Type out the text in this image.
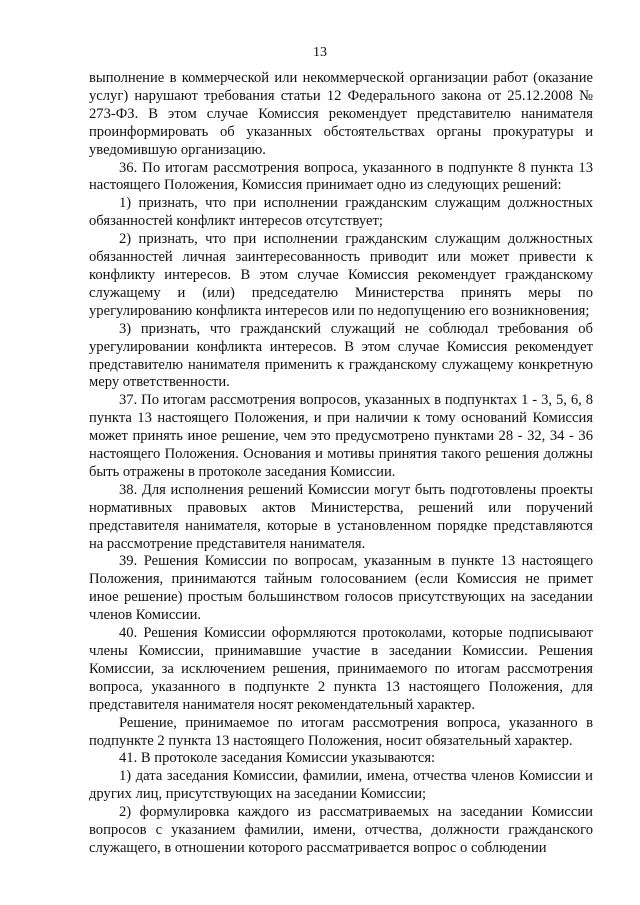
13

выполнение в коммерческой или некоммерческой организации работ (оказание услуг) нарушают требования статьи 12 Федерального закона от 25.12.2008 № 273-ФЗ. В этом случае Комиссия рекомендует представителю нанимателя проинформировать об указанных обстоятельствах органы прокуратуры и уведомившую организацию.

36. По итогам рассмотрения вопроса, указанного в подпункте 8 пункта 13 настоящего Положения, Комиссия принимает одно из следующих решений:

1) признать, что при исполнении гражданским служащим должностных обязанностей конфликт интересов отсутствует;

2) признать, что при исполнении гражданским служащим должностных обязанностей личная заинтересованность приводит или может привести к конфликту интересов. В этом случае Комиссия рекомендует гражданскому служащему и (или) председателю Министерства принять меры по урегулированию конфликта интересов или по недопущению его возникновения;

3) признать, что гражданский служащий не соблюдал требования об урегулировании конфликта интересов. В этом случае Комиссия рекомендует представителю нанимателя применить к гражданскому служащему конкретную меру ответственности.

37. По итогам рассмотрения вопросов, указанных в подпунктах 1 - 3, 5, 6, 8 пункта 13 настоящего Положения, и при наличии к тому оснований Комиссия может принять иное решение, чем это предусмотрено пунктами 28 - 32, 34 - 36 настоящего Положения. Основания и мотивы принятия такого решения должны быть отражены в протоколе заседания Комиссии.

38. Для исполнения решений Комиссии могут быть подготовлены проекты нормативных правовых актов Министерства, решений или поручений представителя нанимателя, которые в установленном порядке представляются на рассмотрение представителя нанимателя.

39. Решения Комиссии по вопросам, указанным в пункте 13 настоящего Положения, принимаются тайным голосованием (если Комиссия не примет иное решение) простым большинством голосов присутствующих на заседании членов Комиссии.

40. Решения Комиссии оформляются протоколами, которые подписывают члены Комиссии, принимавшие участие в заседании Комиссии. Решения Комиссии, за исключением решения, принимаемого по итогам рассмотрения вопроса, указанного в подпункте 2 пункта 13 настоящего Положения, для представителя нанимателя носят рекомендательный характер.

Решение, принимаемое по итогам рассмотрения вопроса, указанного в подпункте 2 пункта 13 настоящего Положения, носит обязательный характер.

41. В протоколе заседания Комиссии указываются:

1) дата заседания Комиссии, фамилии, имена, отчества членов Комиссии и других лиц, присутствующих на заседании Комиссии;

2) формулировка каждого из рассматриваемых на заседании Комиссии вопросов с указанием фамилии, имени, отчества, должности гражданского служащего, в отношении которого рассматривается вопрос о соблюдении
